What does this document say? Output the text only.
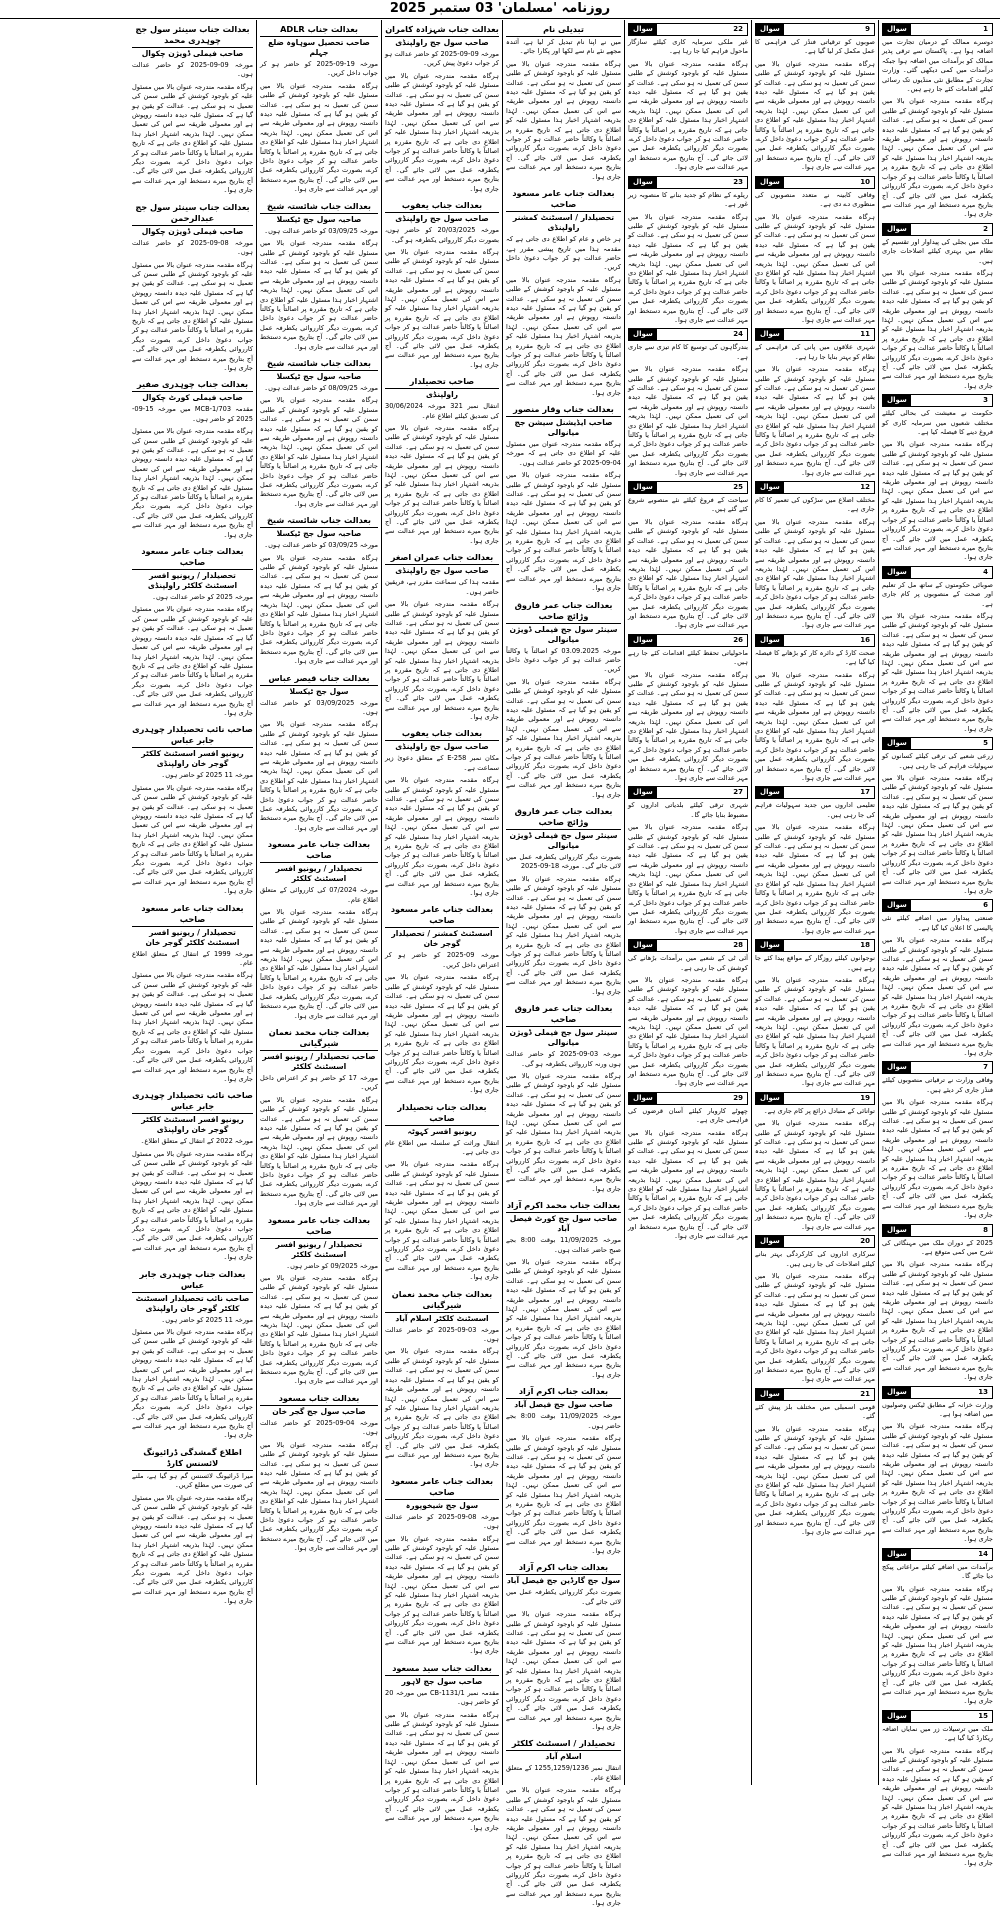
روزنامہ 'مسلمان' 03 ستمبر 2025
1
سوال

دوسرے ممالک کے درمیان تجارت میں اضافہ ہوا ہے۔ پاکستان سے ترقی پذیر ممالک کو برآمدات میں اضافہ ہوا جبکہ درآمدات میں کمی دیکھی گئی۔ وزارت تجارت کے مطابق نئی منڈیوں تک رسائی کیلئے اقدامات کئے جا رہے ہیں۔

ہرگاہ مقدمہ مندرجہ عنوان بالا میں مسئول علیہ کو باوجود کوشش کے طلبی سمن کی تعمیل نہ ہو سکی ہے۔ عدالت کو یقین ہو گیا ہے کہ مسئول علیہ دیدہ دانستہ روپوش ہے اور معمولی طریقہ سے اس کی تعمیل ممکن نہیں۔ لہٰذا بذریعہ اشتہار اخبار ہذا مسئول علیہ کو اطلاع دی جاتی ہے کہ تاریخ مقررہ پر اصالتاً یا وکالتاً حاضر عدالت ہو کر جواب دعویٰ داخل کرے، بصورت دیگر کارروائی یکطرفہ عمل میں لائی جائے گی۔ آج بتاریخ میرے دستخط اور مہر عدالت سے جاری ہوا۔

2
سوال

ملک میں بجلی کی پیداوار اور تقسیم کے نظام میں بہتری کیلئے اصلاحات جاری ہیں۔

ہرگاہ مقدمہ مندرجہ عنوان بالا میں مسئول علیہ کو باوجود کوشش کے طلبی سمن کی تعمیل نہ ہو سکی ہے۔ عدالت کو یقین ہو گیا ہے کہ مسئول علیہ دیدہ دانستہ روپوش ہے اور معمولی طریقہ سے اس کی تعمیل ممکن نہیں۔ لہٰذا بذریعہ اشتہار اخبار ہذا مسئول علیہ کو اطلاع دی جاتی ہے کہ تاریخ مقررہ پر اصالتاً یا وکالتاً حاضر عدالت ہو کر جواب دعویٰ داخل کرے، بصورت دیگر کارروائی یکطرفہ عمل میں لائی جائے گی۔ آج بتاریخ میرے دستخط اور مہر عدالت سے جاری ہوا۔

3
سوال

حکومت نے معیشت کی بحالی کیلئے مختلف شعبوں میں سرمایہ کاری کو فروغ دینے کا فیصلہ کیا ہے۔

ہرگاہ مقدمہ مندرجہ عنوان بالا میں مسئول علیہ کو باوجود کوشش کے طلبی سمن کی تعمیل نہ ہو سکی ہے۔ عدالت کو یقین ہو گیا ہے کہ مسئول علیہ دیدہ دانستہ روپوش ہے اور معمولی طریقہ سے اس کی تعمیل ممکن نہیں۔ لہٰذا بذریعہ اشتہار اخبار ہذا مسئول علیہ کو اطلاع دی جاتی ہے کہ تاریخ مقررہ پر اصالتاً یا وکالتاً حاضر عدالت ہو کر جواب دعویٰ داخل کرے، بصورت دیگر کارروائی یکطرفہ عمل میں لائی جائے گی۔ آج بتاریخ میرے دستخط اور مہر عدالت سے جاری ہوا۔

4
سوال

صوبائی حکومتوں کے ساتھ مل کر تعلیم اور صحت کے منصوبوں پر کام جاری ہے۔

ہرگاہ مقدمہ مندرجہ عنوان بالا میں مسئول علیہ کو باوجود کوشش کے طلبی سمن کی تعمیل نہ ہو سکی ہے۔ عدالت کو یقین ہو گیا ہے کہ مسئول علیہ دیدہ دانستہ روپوش ہے اور معمولی طریقہ سے اس کی تعمیل ممکن نہیں۔ لہٰذا بذریعہ اشتہار اخبار ہذا مسئول علیہ کو اطلاع دی جاتی ہے کہ تاریخ مقررہ پر اصالتاً یا وکالتاً حاضر عدالت ہو کر جواب دعویٰ داخل کرے، بصورت دیگر کارروائی یکطرفہ عمل میں لائی جائے گی۔ آج بتاریخ میرے دستخط اور مہر عدالت سے جاری ہوا۔

5
سوال

زرعی شعبے کی ترقی کیلئے کسانوں کو سہولیات فراہم کی جا رہی ہیں۔

ہرگاہ مقدمہ مندرجہ عنوان بالا میں مسئول علیہ کو باوجود کوشش کے طلبی سمن کی تعمیل نہ ہو سکی ہے۔ عدالت کو یقین ہو گیا ہے کہ مسئول علیہ دیدہ دانستہ روپوش ہے اور معمولی طریقہ سے اس کی تعمیل ممکن نہیں۔ لہٰذا بذریعہ اشتہار اخبار ہذا مسئول علیہ کو اطلاع دی جاتی ہے کہ تاریخ مقررہ پر اصالتاً یا وکالتاً حاضر عدالت ہو کر جواب دعویٰ داخل کرے، بصورت دیگر کارروائی یکطرفہ عمل میں لائی جائے گی۔ آج بتاریخ میرے دستخط اور مہر عدالت سے جاری ہوا۔

6
سوال

صنعتی پیداوار میں اضافے کیلئے نئی پالیسی کا اعلان کیا گیا ہے۔

ہرگاہ مقدمہ مندرجہ عنوان بالا میں مسئول علیہ کو باوجود کوشش کے طلبی سمن کی تعمیل نہ ہو سکی ہے۔ عدالت کو یقین ہو گیا ہے کہ مسئول علیہ دیدہ دانستہ روپوش ہے اور معمولی طریقہ سے اس کی تعمیل ممکن نہیں۔ لہٰذا بذریعہ اشتہار اخبار ہذا مسئول علیہ کو اطلاع دی جاتی ہے کہ تاریخ مقررہ پر اصالتاً یا وکالتاً حاضر عدالت ہو کر جواب دعویٰ داخل کرے، بصورت دیگر کارروائی یکطرفہ عمل میں لائی جائے گی۔ آج بتاریخ میرے دستخط اور مہر عدالت سے جاری ہوا۔

7
سوال

وفاقی وزارت نے ترقیاتی منصوبوں کیلئے فنڈز جاری کر دیئے ہیں۔

ہرگاہ مقدمہ مندرجہ عنوان بالا میں مسئول علیہ کو باوجود کوشش کے طلبی سمن کی تعمیل نہ ہو سکی ہے۔ عدالت کو یقین ہو گیا ہے کہ مسئول علیہ دیدہ دانستہ روپوش ہے اور معمولی طریقہ سے اس کی تعمیل ممکن نہیں۔ لہٰذا بذریعہ اشتہار اخبار ہذا مسئول علیہ کو اطلاع دی جاتی ہے کہ تاریخ مقررہ پر اصالتاً یا وکالتاً حاضر عدالت ہو کر جواب دعویٰ داخل کرے، بصورت دیگر کارروائی یکطرفہ عمل میں لائی جائے گی۔ آج بتاریخ میرے دستخط اور مہر عدالت سے جاری ہوا۔

8
سوال

2025 کے دوران ملک میں مہنگائی کی شرح میں کمی متوقع ہے۔

ہرگاہ مقدمہ مندرجہ عنوان بالا میں مسئول علیہ کو باوجود کوشش کے طلبی سمن کی تعمیل نہ ہو سکی ہے۔ عدالت کو یقین ہو گیا ہے کہ مسئول علیہ دیدہ دانستہ روپوش ہے اور معمولی طریقہ سے اس کی تعمیل ممکن نہیں۔ لہٰذا بذریعہ اشتہار اخبار ہذا مسئول علیہ کو اطلاع دی جاتی ہے کہ تاریخ مقررہ پر اصالتاً یا وکالتاً حاضر عدالت ہو کر جواب دعویٰ داخل کرے، بصورت دیگر کارروائی یکطرفہ عمل میں لائی جائے گی۔ آج بتاریخ میرے دستخط اور مہر عدالت سے جاری ہوا۔

13
سوال

وزارت خزانہ کے مطابق ٹیکس وصولیوں میں اضافہ ہوا ہے۔

ہرگاہ مقدمہ مندرجہ عنوان بالا میں مسئول علیہ کو باوجود کوشش کے طلبی سمن کی تعمیل نہ ہو سکی ہے۔ عدالت کو یقین ہو گیا ہے کہ مسئول علیہ دیدہ دانستہ روپوش ہے اور معمولی طریقہ سے اس کی تعمیل ممکن نہیں۔ لہٰذا بذریعہ اشتہار اخبار ہذا مسئول علیہ کو اطلاع دی جاتی ہے کہ تاریخ مقررہ پر اصالتاً یا وکالتاً حاضر عدالت ہو کر جواب دعویٰ داخل کرے، بصورت دیگر کارروائی یکطرفہ عمل میں لائی جائے گی۔ آج بتاریخ میرے دستخط اور مہر عدالت سے جاری ہوا۔

14
سوال

برآمدات میں اضافے کیلئے مراعاتی پیکج دیا جائے گا۔

ہرگاہ مقدمہ مندرجہ عنوان بالا میں مسئول علیہ کو باوجود کوشش کے طلبی سمن کی تعمیل نہ ہو سکی ہے۔ عدالت کو یقین ہو گیا ہے کہ مسئول علیہ دیدہ دانستہ روپوش ہے اور معمولی طریقہ سے اس کی تعمیل ممکن نہیں۔ لہٰذا بذریعہ اشتہار اخبار ہذا مسئول علیہ کو اطلاع دی جاتی ہے کہ تاریخ مقررہ پر اصالتاً یا وکالتاً حاضر عدالت ہو کر جواب دعویٰ داخل کرے، بصورت دیگر کارروائی یکطرفہ عمل میں لائی جائے گی۔ آج بتاریخ میرے دستخط اور مہر عدالت سے جاری ہوا۔

15
سوال

ملک میں ترسیلات زر میں نمایاں اضافہ ریکارڈ کیا گیا ہے۔

ہرگاہ مقدمہ مندرجہ عنوان بالا میں مسئول علیہ کو باوجود کوشش کے طلبی سمن کی تعمیل نہ ہو سکی ہے۔ عدالت کو یقین ہو گیا ہے کہ مسئول علیہ دیدہ دانستہ روپوش ہے اور معمولی طریقہ سے اس کی تعمیل ممکن نہیں۔ لہٰذا بذریعہ اشتہار اخبار ہذا مسئول علیہ کو اطلاع دی جاتی ہے کہ تاریخ مقررہ پر اصالتاً یا وکالتاً حاضر عدالت ہو کر جواب دعویٰ داخل کرے، بصورت دیگر کارروائی یکطرفہ عمل میں لائی جائے گی۔ آج بتاریخ میرے دستخط اور مہر عدالت سے جاری ہوا۔

9
سوال

صوبوں کو ترقیاتی فنڈز کی فراہمی کا عمل مکمل کر لیا گیا ہے۔

ہرگاہ مقدمہ مندرجہ عنوان بالا میں مسئول علیہ کو باوجود کوشش کے طلبی سمن کی تعمیل نہ ہو سکی ہے۔ عدالت کو یقین ہو گیا ہے کہ مسئول علیہ دیدہ دانستہ روپوش ہے اور معمولی طریقہ سے اس کی تعمیل ممکن نہیں۔ لہٰذا بذریعہ اشتہار اخبار ہذا مسئول علیہ کو اطلاع دی جاتی ہے کہ تاریخ مقررہ پر اصالتاً یا وکالتاً حاضر عدالت ہو کر جواب دعویٰ داخل کرے، بصورت دیگر کارروائی یکطرفہ عمل میں لائی جائے گی۔ آج بتاریخ میرے دستخط اور مہر عدالت سے جاری ہوا۔

10
سوال

وفاقی کابینہ نے متعدد منصوبوں کی منظوری دے دی ہے۔

ہرگاہ مقدمہ مندرجہ عنوان بالا میں مسئول علیہ کو باوجود کوشش کے طلبی سمن کی تعمیل نہ ہو سکی ہے۔ عدالت کو یقین ہو گیا ہے کہ مسئول علیہ دیدہ دانستہ روپوش ہے اور معمولی طریقہ سے اس کی تعمیل ممکن نہیں۔ لہٰذا بذریعہ اشتہار اخبار ہذا مسئول علیہ کو اطلاع دی جاتی ہے کہ تاریخ مقررہ پر اصالتاً یا وکالتاً حاضر عدالت ہو کر جواب دعویٰ داخل کرے، بصورت دیگر کارروائی یکطرفہ عمل میں لائی جائے گی۔ آج بتاریخ میرے دستخط اور مہر عدالت سے جاری ہوا۔

11
سوال

شہری علاقوں میں پانی کی فراہمی کے نظام کو بہتر بنایا جا رہا ہے۔

ہرگاہ مقدمہ مندرجہ عنوان بالا میں مسئول علیہ کو باوجود کوشش کے طلبی سمن کی تعمیل نہ ہو سکی ہے۔ عدالت کو یقین ہو گیا ہے کہ مسئول علیہ دیدہ دانستہ روپوش ہے اور معمولی طریقہ سے اس کی تعمیل ممکن نہیں۔ لہٰذا بذریعہ اشتہار اخبار ہذا مسئول علیہ کو اطلاع دی جاتی ہے کہ تاریخ مقررہ پر اصالتاً یا وکالتاً حاضر عدالت ہو کر جواب دعویٰ داخل کرے، بصورت دیگر کارروائی یکطرفہ عمل میں لائی جائے گی۔ آج بتاریخ میرے دستخط اور مہر عدالت سے جاری ہوا۔

12
سوال

مختلف اضلاع میں سڑکوں کی تعمیر کا کام جاری ہے۔

ہرگاہ مقدمہ مندرجہ عنوان بالا میں مسئول علیہ کو باوجود کوشش کے طلبی سمن کی تعمیل نہ ہو سکی ہے۔ عدالت کو یقین ہو گیا ہے کہ مسئول علیہ دیدہ دانستہ روپوش ہے اور معمولی طریقہ سے اس کی تعمیل ممکن نہیں۔ لہٰذا بذریعہ اشتہار اخبار ہذا مسئول علیہ کو اطلاع دی جاتی ہے کہ تاریخ مقررہ پر اصالتاً یا وکالتاً حاضر عدالت ہو کر جواب دعویٰ داخل کرے، بصورت دیگر کارروائی یکطرفہ عمل میں لائی جائے گی۔ آج بتاریخ میرے دستخط اور مہر عدالت سے جاری ہوا۔

16
سوال

صحت کارڈ کے دائرہ کار کو بڑھانے کا فیصلہ کیا گیا ہے۔

ہرگاہ مقدمہ مندرجہ عنوان بالا میں مسئول علیہ کو باوجود کوشش کے طلبی سمن کی تعمیل نہ ہو سکی ہے۔ عدالت کو یقین ہو گیا ہے کہ مسئول علیہ دیدہ دانستہ روپوش ہے اور معمولی طریقہ سے اس کی تعمیل ممکن نہیں۔ لہٰذا بذریعہ اشتہار اخبار ہذا مسئول علیہ کو اطلاع دی جاتی ہے کہ تاریخ مقررہ پر اصالتاً یا وکالتاً حاضر عدالت ہو کر جواب دعویٰ داخل کرے، بصورت دیگر کارروائی یکطرفہ عمل میں لائی جائے گی۔ آج بتاریخ میرے دستخط اور مہر عدالت سے جاری ہوا۔

17
سوال

تعلیمی اداروں میں جدید سہولیات فراہم کی جا رہی ہیں۔

ہرگاہ مقدمہ مندرجہ عنوان بالا میں مسئول علیہ کو باوجود کوشش کے طلبی سمن کی تعمیل نہ ہو سکی ہے۔ عدالت کو یقین ہو گیا ہے کہ مسئول علیہ دیدہ دانستہ روپوش ہے اور معمولی طریقہ سے اس کی تعمیل ممکن نہیں۔ لہٰذا بذریعہ اشتہار اخبار ہذا مسئول علیہ کو اطلاع دی جاتی ہے کہ تاریخ مقررہ پر اصالتاً یا وکالتاً حاضر عدالت ہو کر جواب دعویٰ داخل کرے، بصورت دیگر کارروائی یکطرفہ عمل میں لائی جائے گی۔ آج بتاریخ میرے دستخط اور مہر عدالت سے جاری ہوا۔

18
سوال

نوجوانوں کیلئے روزگار کے مواقع پیدا کئے جا رہے ہیں۔

ہرگاہ مقدمہ مندرجہ عنوان بالا میں مسئول علیہ کو باوجود کوشش کے طلبی سمن کی تعمیل نہ ہو سکی ہے۔ عدالت کو یقین ہو گیا ہے کہ مسئول علیہ دیدہ دانستہ روپوش ہے اور معمولی طریقہ سے اس کی تعمیل ممکن نہیں۔ لہٰذا بذریعہ اشتہار اخبار ہذا مسئول علیہ کو اطلاع دی جاتی ہے کہ تاریخ مقررہ پر اصالتاً یا وکالتاً حاضر عدالت ہو کر جواب دعویٰ داخل کرے، بصورت دیگر کارروائی یکطرفہ عمل میں لائی جائے گی۔ آج بتاریخ میرے دستخط اور مہر عدالت سے جاری ہوا۔

19
سوال

توانائی کے متبادل ذرائع پر کام جاری ہے۔

ہرگاہ مقدمہ مندرجہ عنوان بالا میں مسئول علیہ کو باوجود کوشش کے طلبی سمن کی تعمیل نہ ہو سکی ہے۔ عدالت کو یقین ہو گیا ہے کہ مسئول علیہ دیدہ دانستہ روپوش ہے اور معمولی طریقہ سے اس کی تعمیل ممکن نہیں۔ لہٰذا بذریعہ اشتہار اخبار ہذا مسئول علیہ کو اطلاع دی جاتی ہے کہ تاریخ مقررہ پر اصالتاً یا وکالتاً حاضر عدالت ہو کر جواب دعویٰ داخل کرے، بصورت دیگر کارروائی یکطرفہ عمل میں لائی جائے گی۔ آج بتاریخ میرے دستخط اور مہر عدالت سے جاری ہوا۔

20
سوال

سرکاری اداروں کی کارکردگی بہتر بنانے کیلئے اصلاحات کی جا رہی ہیں۔

ہرگاہ مقدمہ مندرجہ عنوان بالا میں مسئول علیہ کو باوجود کوشش کے طلبی سمن کی تعمیل نہ ہو سکی ہے۔ عدالت کو یقین ہو گیا ہے کہ مسئول علیہ دیدہ دانستہ روپوش ہے اور معمولی طریقہ سے اس کی تعمیل ممکن نہیں۔ لہٰذا بذریعہ اشتہار اخبار ہذا مسئول علیہ کو اطلاع دی جاتی ہے کہ تاریخ مقررہ پر اصالتاً یا وکالتاً حاضر عدالت ہو کر جواب دعویٰ داخل کرے، بصورت دیگر کارروائی یکطرفہ عمل میں لائی جائے گی۔ آج بتاریخ میرے دستخط اور مہر عدالت سے جاری ہوا۔

21
سوال

قومی اسمبلی میں مختلف بلز پیش کئے گئے۔

ہرگاہ مقدمہ مندرجہ عنوان بالا میں مسئول علیہ کو باوجود کوشش کے طلبی سمن کی تعمیل نہ ہو سکی ہے۔ عدالت کو یقین ہو گیا ہے کہ مسئول علیہ دیدہ دانستہ روپوش ہے اور معمولی طریقہ سے اس کی تعمیل ممکن نہیں۔ لہٰذا بذریعہ اشتہار اخبار ہذا مسئول علیہ کو اطلاع دی جاتی ہے کہ تاریخ مقررہ پر اصالتاً یا وکالتاً حاضر عدالت ہو کر جواب دعویٰ داخل کرے، بصورت دیگر کارروائی یکطرفہ عمل میں لائی جائے گی۔ آج بتاریخ میرے دستخط اور مہر عدالت سے جاری ہوا۔

22
سوال

غیر ملکی سرمایہ کاری کیلئے سازگار ماحول فراہم کیا جا رہا ہے۔

ہرگاہ مقدمہ مندرجہ عنوان بالا میں مسئول علیہ کو باوجود کوشش کے طلبی سمن کی تعمیل نہ ہو سکی ہے۔ عدالت کو یقین ہو گیا ہے کہ مسئول علیہ دیدہ دانستہ روپوش ہے اور معمولی طریقہ سے اس کی تعمیل ممکن نہیں۔ لہٰذا بذریعہ اشتہار اخبار ہذا مسئول علیہ کو اطلاع دی جاتی ہے کہ تاریخ مقررہ پر اصالتاً یا وکالتاً حاضر عدالت ہو کر جواب دعویٰ داخل کرے، بصورت دیگر کارروائی یکطرفہ عمل میں لائی جائے گی۔ آج بتاریخ میرے دستخط اور مہر عدالت سے جاری ہوا۔

23
سوال

ریلوے کے نظام کو جدید بنانے کا منصوبہ زیر غور ہے۔

ہرگاہ مقدمہ مندرجہ عنوان بالا میں مسئول علیہ کو باوجود کوشش کے طلبی سمن کی تعمیل نہ ہو سکی ہے۔ عدالت کو یقین ہو گیا ہے کہ مسئول علیہ دیدہ دانستہ روپوش ہے اور معمولی طریقہ سے اس کی تعمیل ممکن نہیں۔ لہٰذا بذریعہ اشتہار اخبار ہذا مسئول علیہ کو اطلاع دی جاتی ہے کہ تاریخ مقررہ پر اصالتاً یا وکالتاً حاضر عدالت ہو کر جواب دعویٰ داخل کرے، بصورت دیگر کارروائی یکطرفہ عمل میں لائی جائے گی۔ آج بتاریخ میرے دستخط اور مہر عدالت سے جاری ہوا۔

24
سوال

بندرگاہوں کی توسیع کا کام تیزی سے جاری ہے۔

ہرگاہ مقدمہ مندرجہ عنوان بالا میں مسئول علیہ کو باوجود کوشش کے طلبی سمن کی تعمیل نہ ہو سکی ہے۔ عدالت کو یقین ہو گیا ہے کہ مسئول علیہ دیدہ دانستہ روپوش ہے اور معمولی طریقہ سے اس کی تعمیل ممکن نہیں۔ لہٰذا بذریعہ اشتہار اخبار ہذا مسئول علیہ کو اطلاع دی جاتی ہے کہ تاریخ مقررہ پر اصالتاً یا وکالتاً حاضر عدالت ہو کر جواب دعویٰ داخل کرے، بصورت دیگر کارروائی یکطرفہ عمل میں لائی جائے گی۔ آج بتاریخ میرے دستخط اور مہر عدالت سے جاری ہوا۔

25
سوال

سیاحت کے فروغ کیلئے نئے منصوبے شروع کئے گئے ہیں۔

ہرگاہ مقدمہ مندرجہ عنوان بالا میں مسئول علیہ کو باوجود کوشش کے طلبی سمن کی تعمیل نہ ہو سکی ہے۔ عدالت کو یقین ہو گیا ہے کہ مسئول علیہ دیدہ دانستہ روپوش ہے اور معمولی طریقہ سے اس کی تعمیل ممکن نہیں۔ لہٰذا بذریعہ اشتہار اخبار ہذا مسئول علیہ کو اطلاع دی جاتی ہے کہ تاریخ مقررہ پر اصالتاً یا وکالتاً حاضر عدالت ہو کر جواب دعویٰ داخل کرے، بصورت دیگر کارروائی یکطرفہ عمل میں لائی جائے گی۔ آج بتاریخ میرے دستخط اور مہر عدالت سے جاری ہوا۔

26
سوال

ماحولیاتی تحفظ کیلئے اقدامات کئے جا رہے ہیں۔

ہرگاہ مقدمہ مندرجہ عنوان بالا میں مسئول علیہ کو باوجود کوشش کے طلبی سمن کی تعمیل نہ ہو سکی ہے۔ عدالت کو یقین ہو گیا ہے کہ مسئول علیہ دیدہ دانستہ روپوش ہے اور معمولی طریقہ سے اس کی تعمیل ممکن نہیں۔ لہٰذا بذریعہ اشتہار اخبار ہذا مسئول علیہ کو اطلاع دی جاتی ہے کہ تاریخ مقررہ پر اصالتاً یا وکالتاً حاضر عدالت ہو کر جواب دعویٰ داخل کرے، بصورت دیگر کارروائی یکطرفہ عمل میں لائی جائے گی۔ آج بتاریخ میرے دستخط اور مہر عدالت سے جاری ہوا۔

27
سوال

شہری ترقی کیلئے بلدیاتی اداروں کو مضبوط بنایا جائے گا۔

ہرگاہ مقدمہ مندرجہ عنوان بالا میں مسئول علیہ کو باوجود کوشش کے طلبی سمن کی تعمیل نہ ہو سکی ہے۔ عدالت کو یقین ہو گیا ہے کہ مسئول علیہ دیدہ دانستہ روپوش ہے اور معمولی طریقہ سے اس کی تعمیل ممکن نہیں۔ لہٰذا بذریعہ اشتہار اخبار ہذا مسئول علیہ کو اطلاع دی جاتی ہے کہ تاریخ مقررہ پر اصالتاً یا وکالتاً حاضر عدالت ہو کر جواب دعویٰ داخل کرے، بصورت دیگر کارروائی یکطرفہ عمل میں لائی جائے گی۔ آج بتاریخ میرے دستخط اور مہر عدالت سے جاری ہوا۔

28
سوال

آئی ٹی کے شعبے میں برآمدات بڑھانے کی کوشش کی جا رہی ہے۔

ہرگاہ مقدمہ مندرجہ عنوان بالا میں مسئول علیہ کو باوجود کوشش کے طلبی سمن کی تعمیل نہ ہو سکی ہے۔ عدالت کو یقین ہو گیا ہے کہ مسئول علیہ دیدہ دانستہ روپوش ہے اور معمولی طریقہ سے اس کی تعمیل ممکن نہیں۔ لہٰذا بذریعہ اشتہار اخبار ہذا مسئول علیہ کو اطلاع دی جاتی ہے کہ تاریخ مقررہ پر اصالتاً یا وکالتاً حاضر عدالت ہو کر جواب دعویٰ داخل کرے، بصورت دیگر کارروائی یکطرفہ عمل میں لائی جائے گی۔ آج بتاریخ میرے دستخط اور مہر عدالت سے جاری ہوا۔

29
سوال

چھوٹے کاروبار کیلئے آسان قرضوں کی فراہمی جاری ہے۔

ہرگاہ مقدمہ مندرجہ عنوان بالا میں مسئول علیہ کو باوجود کوشش کے طلبی سمن کی تعمیل نہ ہو سکی ہے۔ عدالت کو یقین ہو گیا ہے کہ مسئول علیہ دیدہ دانستہ روپوش ہے اور معمولی طریقہ سے اس کی تعمیل ممکن نہیں۔ لہٰذا بذریعہ اشتہار اخبار ہذا مسئول علیہ کو اطلاع دی جاتی ہے کہ تاریخ مقررہ پر اصالتاً یا وکالتاً حاضر عدالت ہو کر جواب دعویٰ داخل کرے، بصورت دیگر کارروائی یکطرفہ عمل میں لائی جائے گی۔ آج بتاریخ میرے دستخط اور مہر عدالت سے جاری ہوا۔

تبدیلی نام

میں نے اپنا نام تبدیل کر لیا ہے، آئندہ مجھے نئے نام سے لکھا اور پکارا جائے۔

ہرگاہ مقدمہ مندرجہ عنوان بالا میں مسئول علیہ کو باوجود کوشش کے طلبی سمن کی تعمیل نہ ہو سکی ہے۔ عدالت کو یقین ہو گیا ہے کہ مسئول علیہ دیدہ دانستہ روپوش ہے اور معمولی طریقہ سے اس کی تعمیل ممکن نہیں۔ لہٰذا بذریعہ اشتہار اخبار ہذا مسئول علیہ کو اطلاع دی جاتی ہے کہ تاریخ مقررہ پر اصالتاً یا وکالتاً حاضر عدالت ہو کر جواب دعویٰ داخل کرے، بصورت دیگر کارروائی یکطرفہ عمل میں لائی جائے گی۔ آج بتاریخ میرے دستخط اور مہر عدالت سے جاری ہوا۔

بعدالت جناب عامر مسعود صاحب
تحصیلدار / اسسٹنٹ کمشنر راولپنڈی

ہر خاص و عام کو اطلاع دی جاتی ہے کہ مقدمہ ہذا میں تاریخ پیشی مقرر ہے، حاضر عدالت ہو کر جواب دعویٰ داخل کریں۔

ہرگاہ مقدمہ مندرجہ عنوان بالا میں مسئول علیہ کو باوجود کوشش کے طلبی سمن کی تعمیل نہ ہو سکی ہے۔ عدالت کو یقین ہو گیا ہے کہ مسئول علیہ دیدہ دانستہ روپوش ہے اور معمولی طریقہ سے اس کی تعمیل ممکن نہیں۔ لہٰذا بذریعہ اشتہار اخبار ہذا مسئول علیہ کو اطلاع دی جاتی ہے کہ تاریخ مقررہ پر اصالتاً یا وکالتاً حاضر عدالت ہو کر جواب دعویٰ داخل کرے، بصورت دیگر کارروائی یکطرفہ عمل میں لائی جائے گی۔ آج بتاریخ میرے دستخط اور مہر عدالت سے جاری ہوا۔

بعدالت جناب وقار منصور
صاحب ایڈیشنل سیشن جج میانوالی

ہرگاہ مقدمہ مندرجہ عنوان میں مسئول علیہ کو اطلاع دی جاتی ہے کہ مورخہ 04-09-2025 کو حاضر عدالت ہوں۔

ہرگاہ مقدمہ مندرجہ عنوان بالا میں مسئول علیہ کو باوجود کوشش کے طلبی سمن کی تعمیل نہ ہو سکی ہے۔ عدالت کو یقین ہو گیا ہے کہ مسئول علیہ دیدہ دانستہ روپوش ہے اور معمولی طریقہ سے اس کی تعمیل ممکن نہیں۔ لہٰذا بذریعہ اشتہار اخبار ہذا مسئول علیہ کو اطلاع دی جاتی ہے کہ تاریخ مقررہ پر اصالتاً یا وکالتاً حاضر عدالت ہو کر جواب دعویٰ داخل کرے، بصورت دیگر کارروائی یکطرفہ عمل میں لائی جائے گی۔ آج بتاریخ میرے دستخط اور مہر عدالت سے جاری ہوا۔

بعدالت جناب عمر فاروق وڑائچ صاحب
سینئر سول جج فیملی ڈویژن میانوالی

مورخہ 03.09.2025 کو اصالتاً یا وکالتاً حاضر عدالت ہو کر جواب دعویٰ داخل کریں۔

ہرگاہ مقدمہ مندرجہ عنوان بالا میں مسئول علیہ کو باوجود کوشش کے طلبی سمن کی تعمیل نہ ہو سکی ہے۔ عدالت کو یقین ہو گیا ہے کہ مسئول علیہ دیدہ دانستہ روپوش ہے اور معمولی طریقہ سے اس کی تعمیل ممکن نہیں۔ لہٰذا بذریعہ اشتہار اخبار ہذا مسئول علیہ کو اطلاع دی جاتی ہے کہ تاریخ مقررہ پر اصالتاً یا وکالتاً حاضر عدالت ہو کر جواب دعویٰ داخل کرے، بصورت دیگر کارروائی یکطرفہ عمل میں لائی جائے گی۔ آج بتاریخ میرے دستخط اور مہر عدالت سے جاری ہوا۔

بعدالت جناب عمر فاروق وڑائچ صاحب
سینئر سول جج فیملی ڈویژن میانوالی

بصورت دیگر کارروائی یکطرفہ عمل میں لائی جائے گی۔ مورخہ 18-09-2025

ہرگاہ مقدمہ مندرجہ عنوان بالا میں مسئول علیہ کو باوجود کوشش کے طلبی سمن کی تعمیل نہ ہو سکی ہے۔ عدالت کو یقین ہو گیا ہے کہ مسئول علیہ دیدہ دانستہ روپوش ہے اور معمولی طریقہ سے اس کی تعمیل ممکن نہیں۔ لہٰذا بذریعہ اشتہار اخبار ہذا مسئول علیہ کو اطلاع دی جاتی ہے کہ تاریخ مقررہ پر اصالتاً یا وکالتاً حاضر عدالت ہو کر جواب دعویٰ داخل کرے، بصورت دیگر کارروائی یکطرفہ عمل میں لائی جائے گی۔ آج بتاریخ میرے دستخط اور مہر عدالت سے جاری ہوا۔

بعدالت جناب عمر فاروق صاحب
سینئر سول جج فیملی ڈویژن میانوالی

مورخہ 03-09-2025 کو حاضر عدالت ہوں ورنہ کارروائی یکطرفہ ہو گی۔

ہرگاہ مقدمہ مندرجہ عنوان بالا میں مسئول علیہ کو باوجود کوشش کے طلبی سمن کی تعمیل نہ ہو سکی ہے۔ عدالت کو یقین ہو گیا ہے کہ مسئول علیہ دیدہ دانستہ روپوش ہے اور معمولی طریقہ سے اس کی تعمیل ممکن نہیں۔ لہٰذا بذریعہ اشتہار اخبار ہذا مسئول علیہ کو اطلاع دی جاتی ہے کہ تاریخ مقررہ پر اصالتاً یا وکالتاً حاضر عدالت ہو کر جواب دعویٰ داخل کرے، بصورت دیگر کارروائی یکطرفہ عمل میں لائی جائے گی۔ آج بتاریخ میرے دستخط اور مہر عدالت سے جاری ہوا۔

بعدالت جناب محمد اکرم آزاد
صاحب سول جج کورٹ فیصل آباد

مورخہ 11/09/2025 بوقت 8:00 بجے صبح حاضر عدالت ہوں۔

ہرگاہ مقدمہ مندرجہ عنوان بالا میں مسئول علیہ کو باوجود کوشش کے طلبی سمن کی تعمیل نہ ہو سکی ہے۔ عدالت کو یقین ہو گیا ہے کہ مسئول علیہ دیدہ دانستہ روپوش ہے اور معمولی طریقہ سے اس کی تعمیل ممکن نہیں۔ لہٰذا بذریعہ اشتہار اخبار ہذا مسئول علیہ کو اطلاع دی جاتی ہے کہ تاریخ مقررہ پر اصالتاً یا وکالتاً حاضر عدالت ہو کر جواب دعویٰ داخل کرے، بصورت دیگر کارروائی یکطرفہ عمل میں لائی جائے گی۔ آج بتاریخ میرے دستخط اور مہر عدالت سے جاری ہوا۔

بعدالت جناب اکرم آزاد
صاحب سول جج فیصل آباد

مورخہ 11/09/2025 بوقت 8:00 بجے حاضر ہوں۔

ہرگاہ مقدمہ مندرجہ عنوان بالا میں مسئول علیہ کو باوجود کوشش کے طلبی سمن کی تعمیل نہ ہو سکی ہے۔ عدالت کو یقین ہو گیا ہے کہ مسئول علیہ دیدہ دانستہ روپوش ہے اور معمولی طریقہ سے اس کی تعمیل ممکن نہیں۔ لہٰذا بذریعہ اشتہار اخبار ہذا مسئول علیہ کو اطلاع دی جاتی ہے کہ تاریخ مقررہ پر اصالتاً یا وکالتاً حاضر عدالت ہو کر جواب دعویٰ داخل کرے، بصورت دیگر کارروائی یکطرفہ عمل میں لائی جائے گی۔ آج بتاریخ میرے دستخط اور مہر عدالت سے جاری ہوا۔

بعدالت جناب اکرم آزاد
سول جج گارڈین جج فیصل آباد

بصورت دیگر کارروائی یکطرفہ عمل میں لائی جائے گی۔

ہرگاہ مقدمہ مندرجہ عنوان بالا میں مسئول علیہ کو باوجود کوشش کے طلبی سمن کی تعمیل نہ ہو سکی ہے۔ عدالت کو یقین ہو گیا ہے کہ مسئول علیہ دیدہ دانستہ روپوش ہے اور معمولی طریقہ سے اس کی تعمیل ممکن نہیں۔ لہٰذا بذریعہ اشتہار اخبار ہذا مسئول علیہ کو اطلاع دی جاتی ہے کہ تاریخ مقررہ پر اصالتاً یا وکالتاً حاضر عدالت ہو کر جواب دعویٰ داخل کرے، بصورت دیگر کارروائی یکطرفہ عمل میں لائی جائے گی۔ آج بتاریخ میرے دستخط اور مہر عدالت سے جاری ہوا۔

تحصیلدار / اسسٹنٹ کلکٹر
اسلام آباد

انتقال نمبر 1255,1259/1236 کے متعلق اطلاع عام۔

ہرگاہ مقدمہ مندرجہ عنوان بالا میں مسئول علیہ کو باوجود کوشش کے طلبی سمن کی تعمیل نہ ہو سکی ہے۔ عدالت کو یقین ہو گیا ہے کہ مسئول علیہ دیدہ دانستہ روپوش ہے اور معمولی طریقہ سے اس کی تعمیل ممکن نہیں۔ لہٰذا بذریعہ اشتہار اخبار ہذا مسئول علیہ کو اطلاع دی جاتی ہے کہ تاریخ مقررہ پر اصالتاً یا وکالتاً حاضر عدالت ہو کر جواب دعویٰ داخل کرے، بصورت دیگر کارروائی یکطرفہ عمل میں لائی جائے گی۔ آج بتاریخ میرے دستخط اور مہر عدالت سے جاری ہوا۔

بعدالت جناب شہزادہ کامران
صاحب سول جج راولپنڈی

مورخہ 09-09-2025 کو حاضر عدالت ہو کر جواب دعویٰ پیش کریں۔

ہرگاہ مقدمہ مندرجہ عنوان بالا میں مسئول علیہ کو باوجود کوشش کے طلبی سمن کی تعمیل نہ ہو سکی ہے۔ عدالت کو یقین ہو گیا ہے کہ مسئول علیہ دیدہ دانستہ روپوش ہے اور معمولی طریقہ سے اس کی تعمیل ممکن نہیں۔ لہٰذا بذریعہ اشتہار اخبار ہذا مسئول علیہ کو اطلاع دی جاتی ہے کہ تاریخ مقررہ پر اصالتاً یا وکالتاً حاضر عدالت ہو کر جواب دعویٰ داخل کرے، بصورت دیگر کارروائی یکطرفہ عمل میں لائی جائے گی۔ آج بتاریخ میرے دستخط اور مہر عدالت سے جاری ہوا۔

بعدالت جناب یعقوب
صاحب سول جج راولپنڈی

مورخہ 20/03/2025 کو حاضر ہوں، بصورت دیگر کارروائی یکطرفہ ہو گی۔

ہرگاہ مقدمہ مندرجہ عنوان بالا میں مسئول علیہ کو باوجود کوشش کے طلبی سمن کی تعمیل نہ ہو سکی ہے۔ عدالت کو یقین ہو گیا ہے کہ مسئول علیہ دیدہ دانستہ روپوش ہے اور معمولی طریقہ سے اس کی تعمیل ممکن نہیں۔ لہٰذا بذریعہ اشتہار اخبار ہذا مسئول علیہ کو اطلاع دی جاتی ہے کہ تاریخ مقررہ پر اصالتاً یا وکالتاً حاضر عدالت ہو کر جواب دعویٰ داخل کرے، بصورت دیگر کارروائی یکطرفہ عمل میں لائی جائے گی۔ آج بتاریخ میرے دستخط اور مہر عدالت سے جاری ہوا۔

صاحب تحصیلدار
راولپنڈی

انتقال نمبر 321 مورخہ 30/06/2024 کی تصدیق کیلئے اطلاع عام۔

ہرگاہ مقدمہ مندرجہ عنوان بالا میں مسئول علیہ کو باوجود کوشش کے طلبی سمن کی تعمیل نہ ہو سکی ہے۔ عدالت کو یقین ہو گیا ہے کہ مسئول علیہ دیدہ دانستہ روپوش ہے اور معمولی طریقہ سے اس کی تعمیل ممکن نہیں۔ لہٰذا بذریعہ اشتہار اخبار ہذا مسئول علیہ کو اطلاع دی جاتی ہے کہ تاریخ مقررہ پر اصالتاً یا وکالتاً حاضر عدالت ہو کر جواب دعویٰ داخل کرے، بصورت دیگر کارروائی یکطرفہ عمل میں لائی جائے گی۔ آج بتاریخ میرے دستخط اور مہر عدالت سے جاری ہوا۔

بعدالت جناب عمران اصغر
صاحب سول جج راولپنڈی

مقدمہ ہذا کی سماعت مقرر ہے، فریقین حاضر ہوں۔

ہرگاہ مقدمہ مندرجہ عنوان بالا میں مسئول علیہ کو باوجود کوشش کے طلبی سمن کی تعمیل نہ ہو سکی ہے۔ عدالت کو یقین ہو گیا ہے کہ مسئول علیہ دیدہ دانستہ روپوش ہے اور معمولی طریقہ سے اس کی تعمیل ممکن نہیں۔ لہٰذا بذریعہ اشتہار اخبار ہذا مسئول علیہ کو اطلاع دی جاتی ہے کہ تاریخ مقررہ پر اصالتاً یا وکالتاً حاضر عدالت ہو کر جواب دعویٰ داخل کرے، بصورت دیگر کارروائی یکطرفہ عمل میں لائی جائے گی۔ آج بتاریخ میرے دستخط اور مہر عدالت سے جاری ہوا۔

بعدالت جناب یعقوب
صاحب سول جج راولپنڈی

مکان نمبر E-258 کے متعلق دعویٰ زیر سماعت ہے۔

ہرگاہ مقدمہ مندرجہ عنوان بالا میں مسئول علیہ کو باوجود کوشش کے طلبی سمن کی تعمیل نہ ہو سکی ہے۔ عدالت کو یقین ہو گیا ہے کہ مسئول علیہ دیدہ دانستہ روپوش ہے اور معمولی طریقہ سے اس کی تعمیل ممکن نہیں۔ لہٰذا بذریعہ اشتہار اخبار ہذا مسئول علیہ کو اطلاع دی جاتی ہے کہ تاریخ مقررہ پر اصالتاً یا وکالتاً حاضر عدالت ہو کر جواب دعویٰ داخل کرے، بصورت دیگر کارروائی یکطرفہ عمل میں لائی جائے گی۔ آج بتاریخ میرے دستخط اور مہر عدالت سے جاری ہوا۔

بعدالت جناب عامر مسعود صاحب
اسسٹنٹ کمشنر / تحصیلدار گوجر خان

مورخہ 09-2025 کو حاضر ہو کر اعتراض داخل کریں۔

ہرگاہ مقدمہ مندرجہ عنوان بالا میں مسئول علیہ کو باوجود کوشش کے طلبی سمن کی تعمیل نہ ہو سکی ہے۔ عدالت کو یقین ہو گیا ہے کہ مسئول علیہ دیدہ دانستہ روپوش ہے اور معمولی طریقہ سے اس کی تعمیل ممکن نہیں۔ لہٰذا بذریعہ اشتہار اخبار ہذا مسئول علیہ کو اطلاع دی جاتی ہے کہ تاریخ مقررہ پر اصالتاً یا وکالتاً حاضر عدالت ہو کر جواب دعویٰ داخل کرے، بصورت دیگر کارروائی یکطرفہ عمل میں لائی جائے گی۔ آج بتاریخ میرے دستخط اور مہر عدالت سے جاری ہوا۔

بعدالت جناب تحصیلدار صاحب
ریونیو افسر کہوٹہ

انتقال وراثت کے سلسلہ میں اطلاع عام دی جاتی ہے۔

ہرگاہ مقدمہ مندرجہ عنوان بالا میں مسئول علیہ کو باوجود کوشش کے طلبی سمن کی تعمیل نہ ہو سکی ہے۔ عدالت کو یقین ہو گیا ہے کہ مسئول علیہ دیدہ دانستہ روپوش ہے اور معمولی طریقہ سے اس کی تعمیل ممکن نہیں۔ لہٰذا بذریعہ اشتہار اخبار ہذا مسئول علیہ کو اطلاع دی جاتی ہے کہ تاریخ مقررہ پر اصالتاً یا وکالتاً حاضر عدالت ہو کر جواب دعویٰ داخل کرے، بصورت دیگر کارروائی یکطرفہ عمل میں لائی جائے گی۔ آج بتاریخ میرے دستخط اور مہر عدالت سے جاری ہوا۔

بعدالت جناب محمد نعمان شیرگیانی
اسسٹنٹ کلکٹر اسلام آباد

مورخہ 03-09-2025 کو حاضر عدالت ہوں۔

ہرگاہ مقدمہ مندرجہ عنوان بالا میں مسئول علیہ کو باوجود کوشش کے طلبی سمن کی تعمیل نہ ہو سکی ہے۔ عدالت کو یقین ہو گیا ہے کہ مسئول علیہ دیدہ دانستہ روپوش ہے اور معمولی طریقہ سے اس کی تعمیل ممکن نہیں۔ لہٰذا بذریعہ اشتہار اخبار ہذا مسئول علیہ کو اطلاع دی جاتی ہے کہ تاریخ مقررہ پر اصالتاً یا وکالتاً حاضر عدالت ہو کر جواب دعویٰ داخل کرے، بصورت دیگر کارروائی یکطرفہ عمل میں لائی جائے گی۔ آج بتاریخ میرے دستخط اور مہر عدالت سے جاری ہوا۔

بعدالت جناب عامر مسعود صاحب
سول جج شیخوپورہ

مورخہ 08-09-2025 کو حاضر عدالت ہوں۔

ہرگاہ مقدمہ مندرجہ عنوان بالا میں مسئول علیہ کو باوجود کوشش کے طلبی سمن کی تعمیل نہ ہو سکی ہے۔ عدالت کو یقین ہو گیا ہے کہ مسئول علیہ دیدہ دانستہ روپوش ہے اور معمولی طریقہ سے اس کی تعمیل ممکن نہیں۔ لہٰذا بذریعہ اشتہار اخبار ہذا مسئول علیہ کو اطلاع دی جاتی ہے کہ تاریخ مقررہ پر اصالتاً یا وکالتاً حاضر عدالت ہو کر جواب دعویٰ داخل کرے، بصورت دیگر کارروائی یکطرفہ عمل میں لائی جائے گی۔ آج بتاریخ میرے دستخط اور مہر عدالت سے جاری ہوا۔

بعدالت جناب سید مسعود
صاحب سول جج لاہور

مقدمہ نمبر CB-1131/1 میں مورخہ 20 کو حاضر ہوں۔

ہرگاہ مقدمہ مندرجہ عنوان بالا میں مسئول علیہ کو باوجود کوشش کے طلبی سمن کی تعمیل نہ ہو سکی ہے۔ عدالت کو یقین ہو گیا ہے کہ مسئول علیہ دیدہ دانستہ روپوش ہے اور معمولی طریقہ سے اس کی تعمیل ممکن نہیں۔ لہٰذا بذریعہ اشتہار اخبار ہذا مسئول علیہ کو اطلاع دی جاتی ہے کہ تاریخ مقررہ پر اصالتاً یا وکالتاً حاضر عدالت ہو کر جواب دعویٰ داخل کرے، بصورت دیگر کارروائی یکطرفہ عمل میں لائی جائے گی۔ آج بتاریخ میرے دستخط اور مہر عدالت سے جاری ہوا۔

بعدالت جناب ADLR
صاحب تحصیل سوہاوہ ضلع جہلم

مورخہ 19-09-2025 کو حاضر ہو کر جواب داخل کریں۔

ہرگاہ مقدمہ مندرجہ عنوان بالا میں مسئول علیہ کو باوجود کوشش کے طلبی سمن کی تعمیل نہ ہو سکی ہے۔ عدالت کو یقین ہو گیا ہے کہ مسئول علیہ دیدہ دانستہ روپوش ہے اور معمولی طریقہ سے اس کی تعمیل ممکن نہیں۔ لہٰذا بذریعہ اشتہار اخبار ہذا مسئول علیہ کو اطلاع دی جاتی ہے کہ تاریخ مقررہ پر اصالتاً یا وکالتاً حاضر عدالت ہو کر جواب دعویٰ داخل کرے، بصورت دیگر کارروائی یکطرفہ عمل میں لائی جائے گی۔ آج بتاریخ میرے دستخط اور مہر عدالت سے جاری ہوا۔

بعدالت جناب شائستہ شیخ
صاحبہ سول جج ٹیکسلا

مورخہ 03/09/25 کو حاضر عدالت ہوں۔

ہرگاہ مقدمہ مندرجہ عنوان بالا میں مسئول علیہ کو باوجود کوشش کے طلبی سمن کی تعمیل نہ ہو سکی ہے۔ عدالت کو یقین ہو گیا ہے کہ مسئول علیہ دیدہ دانستہ روپوش ہے اور معمولی طریقہ سے اس کی تعمیل ممکن نہیں۔ لہٰذا بذریعہ اشتہار اخبار ہذا مسئول علیہ کو اطلاع دی جاتی ہے کہ تاریخ مقررہ پر اصالتاً یا وکالتاً حاضر عدالت ہو کر جواب دعویٰ داخل کرے، بصورت دیگر کارروائی یکطرفہ عمل میں لائی جائے گی۔ آج بتاریخ میرے دستخط اور مہر عدالت سے جاری ہوا۔

بعدالت جناب شائستہ شیخ
صاحبہ سول جج ٹیکسلا

مورخہ 08/09/25 کو حاضر عدالت ہوں۔

ہرگاہ مقدمہ مندرجہ عنوان بالا میں مسئول علیہ کو باوجود کوشش کے طلبی سمن کی تعمیل نہ ہو سکی ہے۔ عدالت کو یقین ہو گیا ہے کہ مسئول علیہ دیدہ دانستہ روپوش ہے اور معمولی طریقہ سے اس کی تعمیل ممکن نہیں۔ لہٰذا بذریعہ اشتہار اخبار ہذا مسئول علیہ کو اطلاع دی جاتی ہے کہ تاریخ مقررہ پر اصالتاً یا وکالتاً حاضر عدالت ہو کر جواب دعویٰ داخل کرے، بصورت دیگر کارروائی یکطرفہ عمل میں لائی جائے گی۔ آج بتاریخ میرے دستخط اور مہر عدالت سے جاری ہوا۔

بعدالت جناب شائستہ شیخ
صاحبہ سول جج ٹیکسلا

مورخہ 03/09/25 کو حاضر عدالت ہوں۔

ہرگاہ مقدمہ مندرجہ عنوان بالا میں مسئول علیہ کو باوجود کوشش کے طلبی سمن کی تعمیل نہ ہو سکی ہے۔ عدالت کو یقین ہو گیا ہے کہ مسئول علیہ دیدہ دانستہ روپوش ہے اور معمولی طریقہ سے اس کی تعمیل ممکن نہیں۔ لہٰذا بذریعہ اشتہار اخبار ہذا مسئول علیہ کو اطلاع دی جاتی ہے کہ تاریخ مقررہ پر اصالتاً یا وکالتاً حاضر عدالت ہو کر جواب دعویٰ داخل کرے، بصورت دیگر کارروائی یکطرفہ عمل میں لائی جائے گی۔ آج بتاریخ میرے دستخط اور مہر عدالت سے جاری ہوا۔

بعدالت جناب قیصر عباس
سول جج ٹیکسلا

مورخہ 03/09/2025 کو حاضر عدالت ہوں۔

ہرگاہ مقدمہ مندرجہ عنوان بالا میں مسئول علیہ کو باوجود کوشش کے طلبی سمن کی تعمیل نہ ہو سکی ہے۔ عدالت کو یقین ہو گیا ہے کہ مسئول علیہ دیدہ دانستہ روپوش ہے اور معمولی طریقہ سے اس کی تعمیل ممکن نہیں۔ لہٰذا بذریعہ اشتہار اخبار ہذا مسئول علیہ کو اطلاع دی جاتی ہے کہ تاریخ مقررہ پر اصالتاً یا وکالتاً حاضر عدالت ہو کر جواب دعویٰ داخل کرے، بصورت دیگر کارروائی یکطرفہ عمل میں لائی جائے گی۔ آج بتاریخ میرے دستخط اور مہر عدالت سے جاری ہوا۔

بعدالت جناب عامر مسعود صاحب
تحصیلدار / ریونیو افسر اسسٹنٹ کلکٹر

مورخہ 07/2024 کی کارروائی کے متعلق اطلاع عام۔

ہرگاہ مقدمہ مندرجہ عنوان بالا میں مسئول علیہ کو باوجود کوشش کے طلبی سمن کی تعمیل نہ ہو سکی ہے۔ عدالت کو یقین ہو گیا ہے کہ مسئول علیہ دیدہ دانستہ روپوش ہے اور معمولی طریقہ سے اس کی تعمیل ممکن نہیں۔ لہٰذا بذریعہ اشتہار اخبار ہذا مسئول علیہ کو اطلاع دی جاتی ہے کہ تاریخ مقررہ پر اصالتاً یا وکالتاً حاضر عدالت ہو کر جواب دعویٰ داخل کرے، بصورت دیگر کارروائی یکطرفہ عمل میں لائی جائے گی۔ آج بتاریخ میرے دستخط اور مہر عدالت سے جاری ہوا۔

بعدالت جناب محمد نعمان شیرگیانی
صاحب تحصیلدار / ریونیو افسر اسسٹنٹ کلکٹر

مورخہ 17 کو حاضر ہو کر اعتراض داخل کریں۔

ہرگاہ مقدمہ مندرجہ عنوان بالا میں مسئول علیہ کو باوجود کوشش کے طلبی سمن کی تعمیل نہ ہو سکی ہے۔ عدالت کو یقین ہو گیا ہے کہ مسئول علیہ دیدہ دانستہ روپوش ہے اور معمولی طریقہ سے اس کی تعمیل ممکن نہیں۔ لہٰذا بذریعہ اشتہار اخبار ہذا مسئول علیہ کو اطلاع دی جاتی ہے کہ تاریخ مقررہ پر اصالتاً یا وکالتاً حاضر عدالت ہو کر جواب دعویٰ داخل کرے، بصورت دیگر کارروائی یکطرفہ عمل میں لائی جائے گی۔ آج بتاریخ میرے دستخط اور مہر عدالت سے جاری ہوا۔

بعدالت جناب عامر مسعود صاحب
تحصیلدار / ریونیو افسر اسسٹنٹ کلکٹر

مورخہ 09/2025 کو حاضر ہوں۔

ہرگاہ مقدمہ مندرجہ عنوان بالا میں مسئول علیہ کو باوجود کوشش کے طلبی سمن کی تعمیل نہ ہو سکی ہے۔ عدالت کو یقین ہو گیا ہے کہ مسئول علیہ دیدہ دانستہ روپوش ہے اور معمولی طریقہ سے اس کی تعمیل ممکن نہیں۔ لہٰذا بذریعہ اشتہار اخبار ہذا مسئول علیہ کو اطلاع دی جاتی ہے کہ تاریخ مقررہ پر اصالتاً یا وکالتاً حاضر عدالت ہو کر جواب دعویٰ داخل کرے، بصورت دیگر کارروائی یکطرفہ عمل میں لائی جائے گی۔ آج بتاریخ میرے دستخط اور مہر عدالت سے جاری ہوا۔

بعدالت جناب مسعود
صاحب سول جج گجر خان

مورخہ 04-09-2025 کو حاضر عدالت ہوں۔

ہرگاہ مقدمہ مندرجہ عنوان بالا میں مسئول علیہ کو باوجود کوشش کے طلبی سمن کی تعمیل نہ ہو سکی ہے۔ عدالت کو یقین ہو گیا ہے کہ مسئول علیہ دیدہ دانستہ روپوش ہے اور معمولی طریقہ سے اس کی تعمیل ممکن نہیں۔ لہٰذا بذریعہ اشتہار اخبار ہذا مسئول علیہ کو اطلاع دی جاتی ہے کہ تاریخ مقررہ پر اصالتاً یا وکالتاً حاضر عدالت ہو کر جواب دعویٰ داخل کرے، بصورت دیگر کارروائی یکطرفہ عمل میں لائی جائے گی۔ آج بتاریخ میرے دستخط اور مہر عدالت سے جاری ہوا۔

بعدالت جناب سینئر سول جج چوہدری محمد
صاحب فیملی ڈویژن چکوال

مورخہ 09-09-2025 کو حاضر عدالت ہوں۔

ہرگاہ مقدمہ مندرجہ عنوان بالا میں مسئول علیہ کو باوجود کوشش کے طلبی سمن کی تعمیل نہ ہو سکی ہے۔ عدالت کو یقین ہو گیا ہے کہ مسئول علیہ دیدہ دانستہ روپوش ہے اور معمولی طریقہ سے اس کی تعمیل ممکن نہیں۔ لہٰذا بذریعہ اشتہار اخبار ہذا مسئول علیہ کو اطلاع دی جاتی ہے کہ تاریخ مقررہ پر اصالتاً یا وکالتاً حاضر عدالت ہو کر جواب دعویٰ داخل کرے، بصورت دیگر کارروائی یکطرفہ عمل میں لائی جائے گی۔ آج بتاریخ میرے دستخط اور مہر عدالت سے جاری ہوا۔

بعدالت جناب سینئر سول جج عبدالرحمن
صاحب فیملی ڈویژن چکوال

مورخہ 08-09-2025 کو حاضر عدالت ہوں۔

ہرگاہ مقدمہ مندرجہ عنوان بالا میں مسئول علیہ کو باوجود کوشش کے طلبی سمن کی تعمیل نہ ہو سکی ہے۔ عدالت کو یقین ہو گیا ہے کہ مسئول علیہ دیدہ دانستہ روپوش ہے اور معمولی طریقہ سے اس کی تعمیل ممکن نہیں۔ لہٰذا بذریعہ اشتہار اخبار ہذا مسئول علیہ کو اطلاع دی جاتی ہے کہ تاریخ مقررہ پر اصالتاً یا وکالتاً حاضر عدالت ہو کر جواب دعویٰ داخل کرے، بصورت دیگر کارروائی یکطرفہ عمل میں لائی جائے گی۔ آج بتاریخ میرے دستخط اور مہر عدالت سے جاری ہوا۔

بعدالت جناب چوہدری صفیر
صاحب فیملی کورٹ چکوال

مقدمہ MCB-1/703 میں مورخہ 15-09-2025 کو حاضر ہوں۔

ہرگاہ مقدمہ مندرجہ عنوان بالا میں مسئول علیہ کو باوجود کوشش کے طلبی سمن کی تعمیل نہ ہو سکی ہے۔ عدالت کو یقین ہو گیا ہے کہ مسئول علیہ دیدہ دانستہ روپوش ہے اور معمولی طریقہ سے اس کی تعمیل ممکن نہیں۔ لہٰذا بذریعہ اشتہار اخبار ہذا مسئول علیہ کو اطلاع دی جاتی ہے کہ تاریخ مقررہ پر اصالتاً یا وکالتاً حاضر عدالت ہو کر جواب دعویٰ داخل کرے، بصورت دیگر کارروائی یکطرفہ عمل میں لائی جائے گی۔ آج بتاریخ میرے دستخط اور مہر عدالت سے جاری ہوا۔

بعدالت جناب عامر مسعود صاحب
تحصیلدار / ریونیو افسر اسسٹنٹ کلکٹر راولپنڈی

مورخہ 2025 کو حاضر عدالت ہوں۔

ہرگاہ مقدمہ مندرجہ عنوان بالا میں مسئول علیہ کو باوجود کوشش کے طلبی سمن کی تعمیل نہ ہو سکی ہے۔ عدالت کو یقین ہو گیا ہے کہ مسئول علیہ دیدہ دانستہ روپوش ہے اور معمولی طریقہ سے اس کی تعمیل ممکن نہیں۔ لہٰذا بذریعہ اشتہار اخبار ہذا مسئول علیہ کو اطلاع دی جاتی ہے کہ تاریخ مقررہ پر اصالتاً یا وکالتاً حاضر عدالت ہو کر جواب دعویٰ داخل کرے، بصورت دیگر کارروائی یکطرفہ عمل میں لائی جائے گی۔ آج بتاریخ میرے دستخط اور مہر عدالت سے جاری ہوا۔

صاحب نائب تحصیلدار چوہدری جابر عباس
ریونیو افسر اسسٹنٹ کلکٹر گوجر خان راولپنڈی

مورخہ 11 2025 کو حاضر ہوں۔

ہرگاہ مقدمہ مندرجہ عنوان بالا میں مسئول علیہ کو باوجود کوشش کے طلبی سمن کی تعمیل نہ ہو سکی ہے۔ عدالت کو یقین ہو گیا ہے کہ مسئول علیہ دیدہ دانستہ روپوش ہے اور معمولی طریقہ سے اس کی تعمیل ممکن نہیں۔ لہٰذا بذریعہ اشتہار اخبار ہذا مسئول علیہ کو اطلاع دی جاتی ہے کہ تاریخ مقررہ پر اصالتاً یا وکالتاً حاضر عدالت ہو کر جواب دعویٰ داخل کرے، بصورت دیگر کارروائی یکطرفہ عمل میں لائی جائے گی۔ آج بتاریخ میرے دستخط اور مہر عدالت سے جاری ہوا۔

بعدالت جناب عامر مسعود صاحب
تحصیلدار / ریونیو افسر اسسٹنٹ کلکٹر گوجر خان

مورخہ 1999 کے انتقال کے متعلق اطلاع عام۔

ہرگاہ مقدمہ مندرجہ عنوان بالا میں مسئول علیہ کو باوجود کوشش کے طلبی سمن کی تعمیل نہ ہو سکی ہے۔ عدالت کو یقین ہو گیا ہے کہ مسئول علیہ دیدہ دانستہ روپوش ہے اور معمولی طریقہ سے اس کی تعمیل ممکن نہیں۔ لہٰذا بذریعہ اشتہار اخبار ہذا مسئول علیہ کو اطلاع دی جاتی ہے کہ تاریخ مقررہ پر اصالتاً یا وکالتاً حاضر عدالت ہو کر جواب دعویٰ داخل کرے، بصورت دیگر کارروائی یکطرفہ عمل میں لائی جائے گی۔ آج بتاریخ میرے دستخط اور مہر عدالت سے جاری ہوا۔

صاحب نائب تحصیلدار چوہدری جابر عباس
ریونیو افسر اسسٹنٹ کلکٹر گوجر خان راولپنڈی

مورخہ 2022 کے انتقال کے متعلق اطلاع۔

ہرگاہ مقدمہ مندرجہ عنوان بالا میں مسئول علیہ کو باوجود کوشش کے طلبی سمن کی تعمیل نہ ہو سکی ہے۔ عدالت کو یقین ہو گیا ہے کہ مسئول علیہ دیدہ دانستہ روپوش ہے اور معمولی طریقہ سے اس کی تعمیل ممکن نہیں۔ لہٰذا بذریعہ اشتہار اخبار ہذا مسئول علیہ کو اطلاع دی جاتی ہے کہ تاریخ مقررہ پر اصالتاً یا وکالتاً حاضر عدالت ہو کر جواب دعویٰ داخل کرے، بصورت دیگر کارروائی یکطرفہ عمل میں لائی جائے گی۔ آج بتاریخ میرے دستخط اور مہر عدالت سے جاری ہوا۔

بعدالت جناب چوہدری جابر عباس
صاحب نائب تحصیلدار اسسٹنٹ کلکٹر گوجر خان راولپنڈی

مورخہ 11 2025 کو حاضر ہوں۔

ہرگاہ مقدمہ مندرجہ عنوان بالا میں مسئول علیہ کو باوجود کوشش کے طلبی سمن کی تعمیل نہ ہو سکی ہے۔ عدالت کو یقین ہو گیا ہے کہ مسئول علیہ دیدہ دانستہ روپوش ہے اور معمولی طریقہ سے اس کی تعمیل ممکن نہیں۔ لہٰذا بذریعہ اشتہار اخبار ہذا مسئول علیہ کو اطلاع دی جاتی ہے کہ تاریخ مقررہ پر اصالتاً یا وکالتاً حاضر عدالت ہو کر جواب دعویٰ داخل کرے، بصورت دیگر کارروائی یکطرفہ عمل میں لائی جائے گی۔ آج بتاریخ میرے دستخط اور مہر عدالت سے جاری ہوا۔

اطلاع گمشدگی ڈرائیونگ لائسنس کارڈ

میرا ڈرائیونگ لائسنس گم ہو گیا ہے، ملنے کی صورت میں مطلع کریں۔

ہرگاہ مقدمہ مندرجہ عنوان بالا میں مسئول علیہ کو باوجود کوشش کے طلبی سمن کی تعمیل نہ ہو سکی ہے۔ عدالت کو یقین ہو گیا ہے کہ مسئول علیہ دیدہ دانستہ روپوش ہے اور معمولی طریقہ سے اس کی تعمیل ممکن نہیں۔ لہٰذا بذریعہ اشتہار اخبار ہذا مسئول علیہ کو اطلاع دی جاتی ہے کہ تاریخ مقررہ پر اصالتاً یا وکالتاً حاضر عدالت ہو کر جواب دعویٰ داخل کرے، بصورت دیگر کارروائی یکطرفہ عمل میں لائی جائے گی۔ آج بتاریخ میرے دستخط اور مہر عدالت سے جاری ہوا۔
